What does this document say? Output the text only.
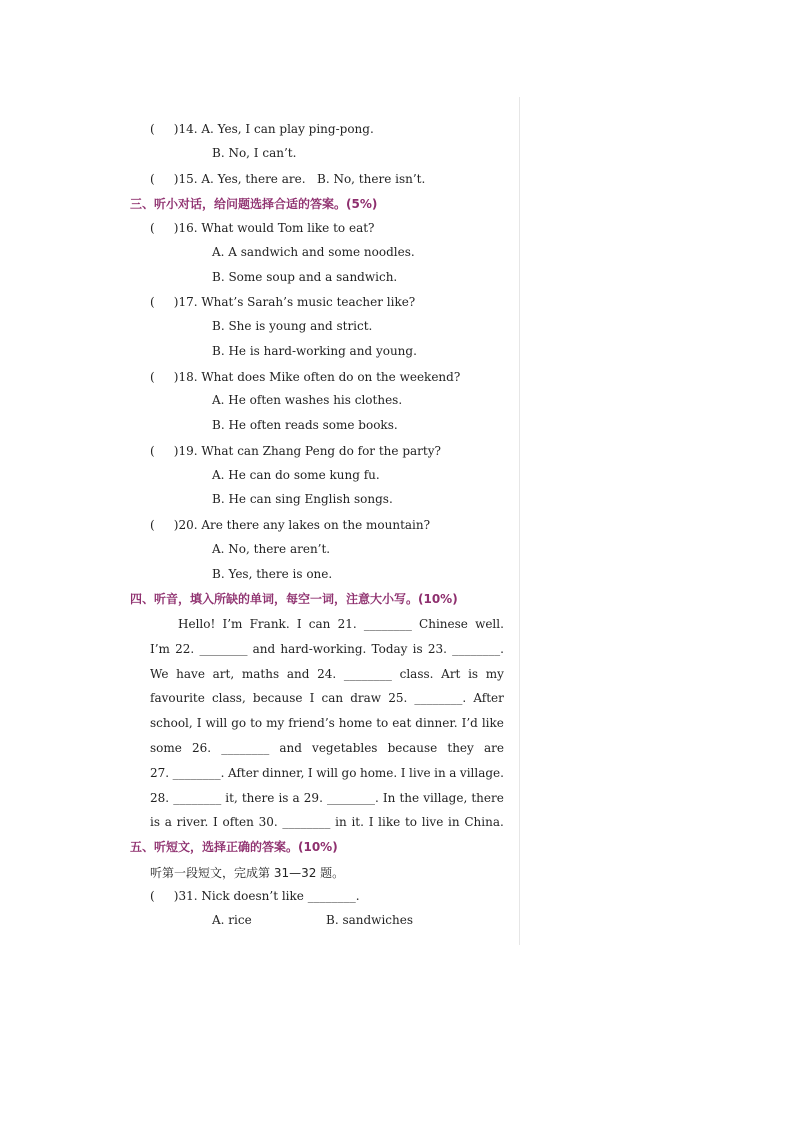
(     )14. A. Yes, I can play ping-pong.
B. No, I can’t.
(     )15. A. Yes, there are. B. No, there isn’t.
三、听小对话，给问题选择合适的答案。(5%)
(     )16. What would Tom like to eat?
A. A sandwich and some noodles.
B. Some soup and a sandwich.
(     )17. What’s Sarah’s music teacher like?
B. She is young and strict.
B. He is hard-working and young.
(     )18. What does Mike often do on the weekend?
A. He often washes his clothes.
B. He often reads some books.
(     )19. What can Zhang Peng do for the party?
A. He can do some kung fu.
B. He can sing English songs.
(     )20. Are there any lakes on the mountain?
A. No, there aren’t.
B. Yes, there is one.
四、听音，填入所缺的单词，每空一词，注意大小写。(10%)
Hello! I’m Frank. I can 21. ________ Chinese well.
I’m 22. ________ and hard-working. Today is 23. ________.
We have art, maths and 24. ________ class. Art is my
favourite class, because I can draw 25. ________. After
school, I will go to my friend’s home to eat dinner. I’d like
some 26. ________ and vegetables because they are
27. ________. After dinner, I will go home. I live in a village.
28. ________ it, there is a 29. ________. In the village, there
is a river. I often 30. ________ in it. I like to live in China.
五、听短文，选择正确的答案。(10%)
听第一段短文，完成第 31—32 题。
(     )31. Nick doesn’t like ________.
A. rice	B. sandwiches
